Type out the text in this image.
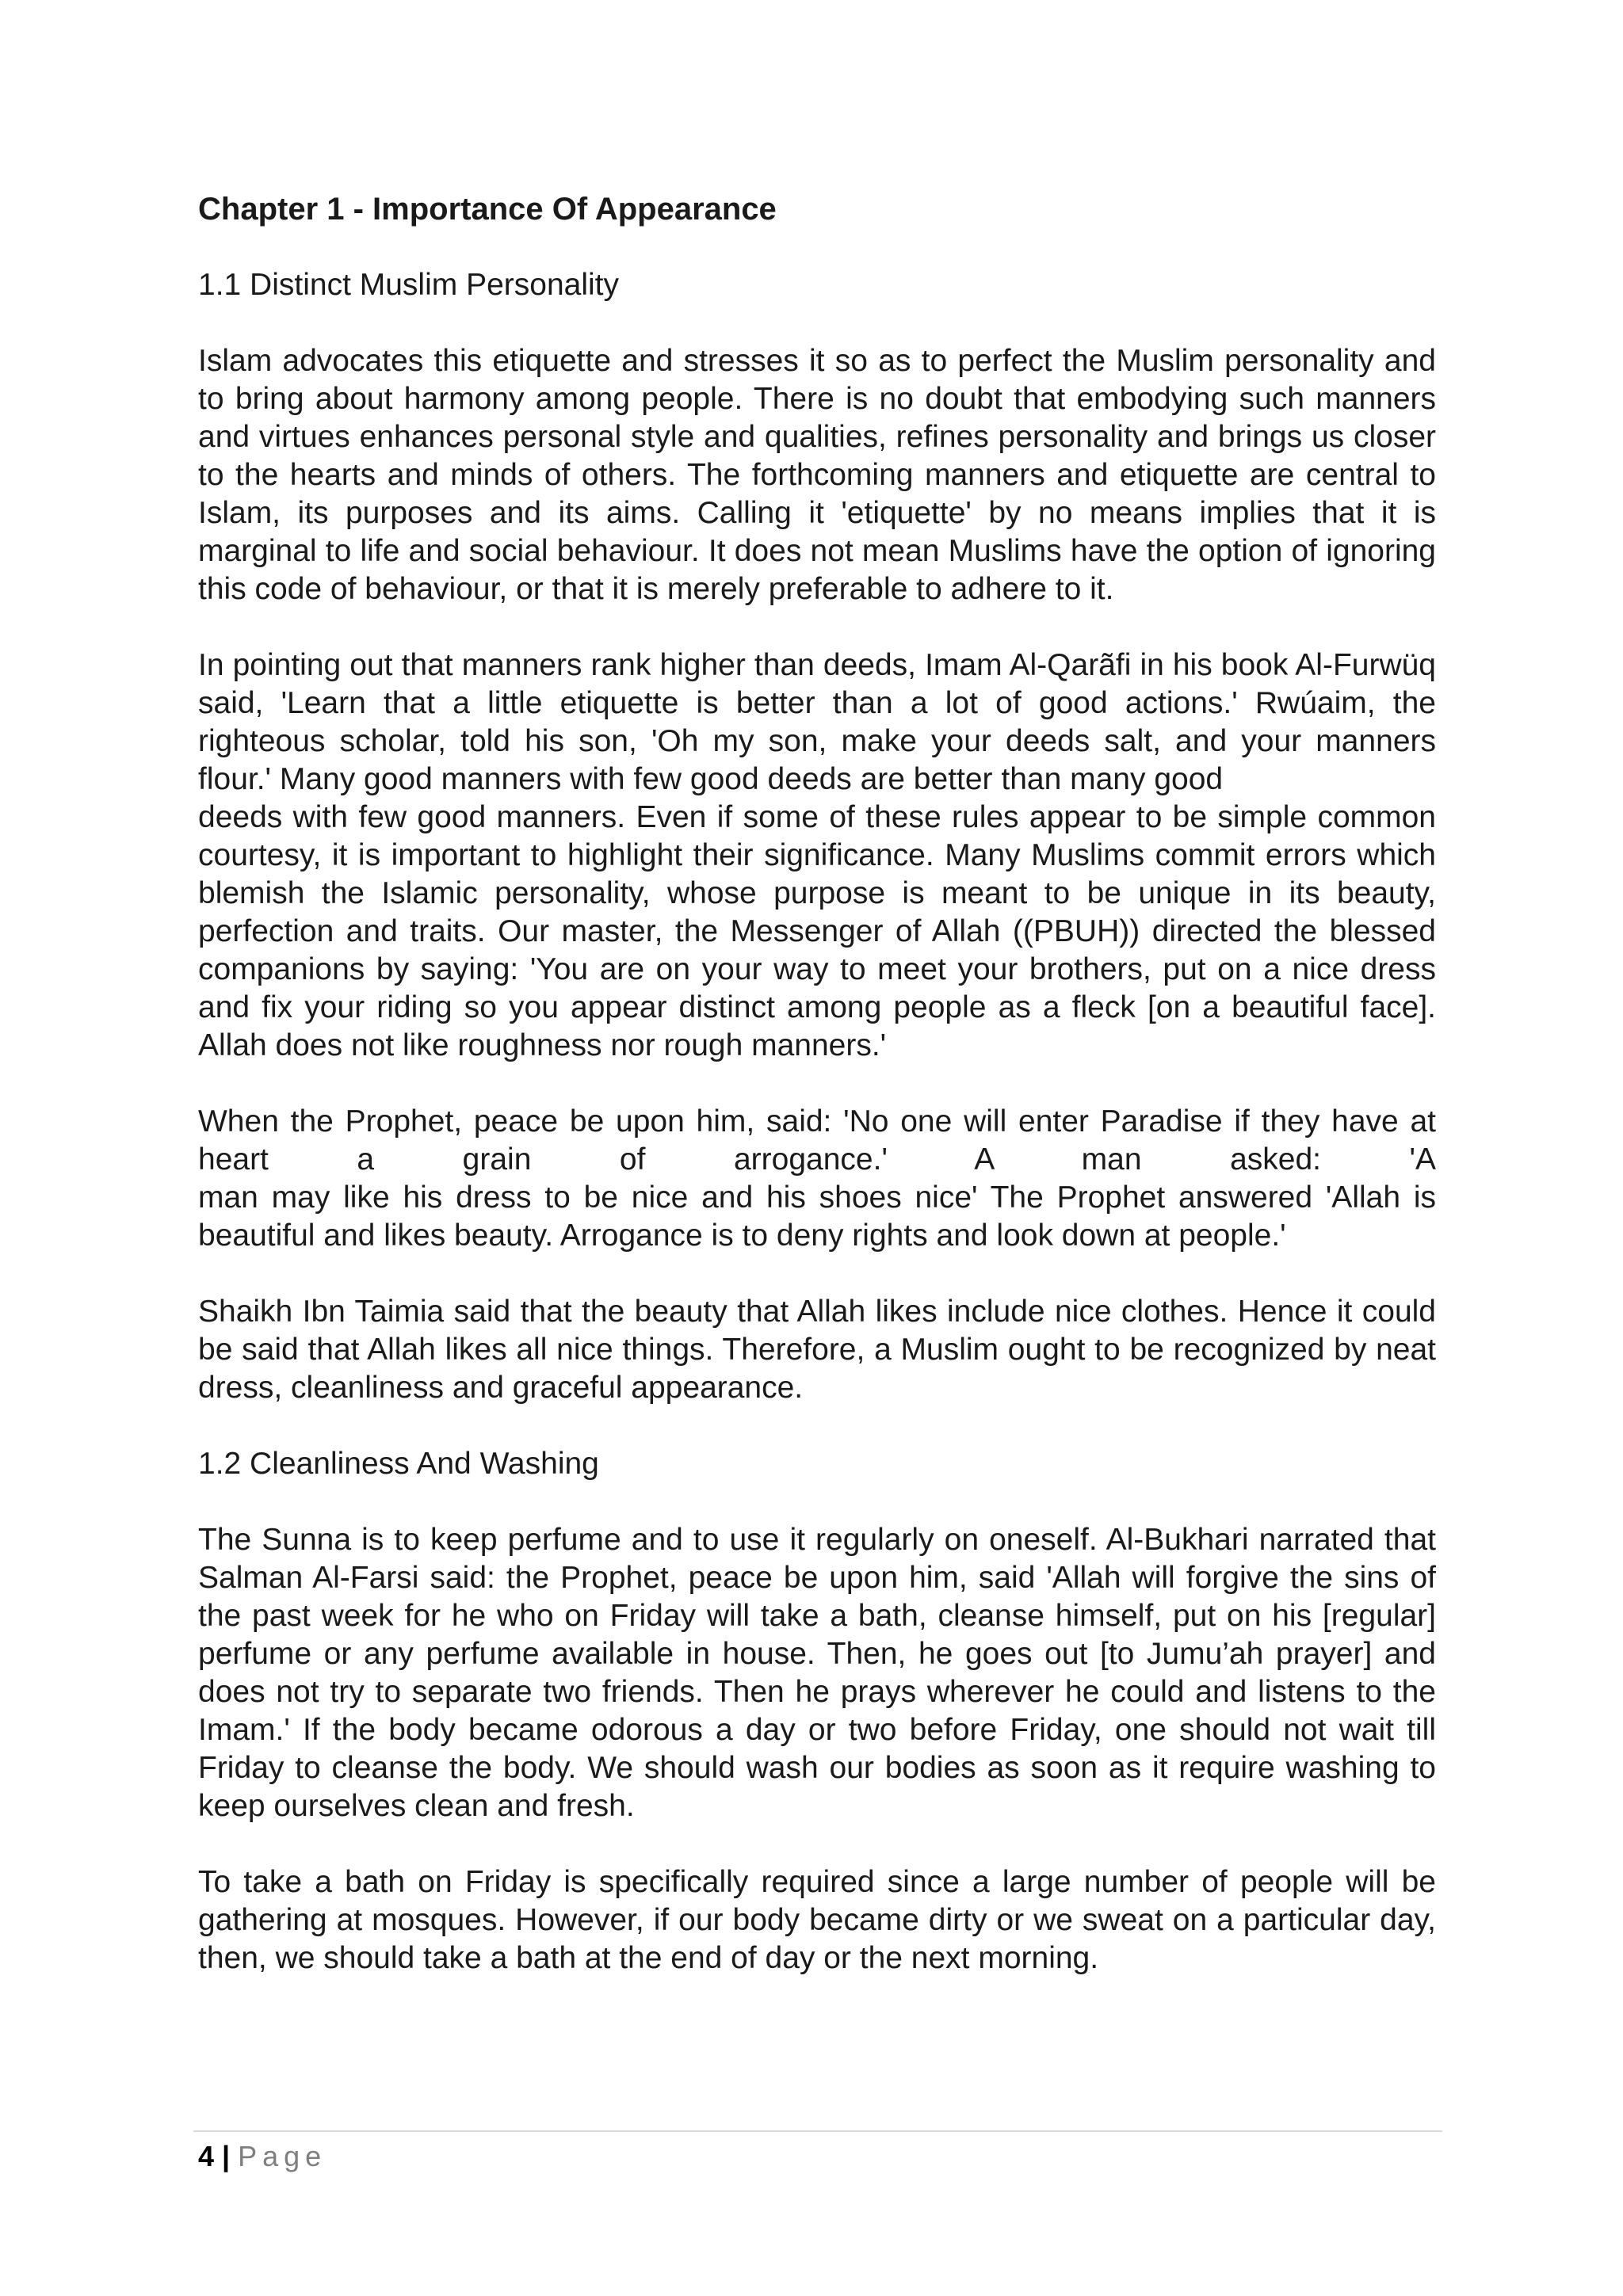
Chapter 1 - Importance Of Appearance
1.1 Distinct Muslim Personality
Islam advocates this etiquette and stresses it so as to perfect the Muslim personality and to bring about harmony among people. There is no doubt that embodying such manners and virtues enhances personal style and qualities, refines personality and brings us closer to the hearts and minds of others. The forthcoming manners and etiquette are central to Islam, its purposes and its aims. Calling it 'etiquette' by no means implies that it is marginal to life and social behaviour. It does not mean Muslims have the option of ignoring this code of behaviour, or that it is merely preferable to adhere to it.
In pointing out that manners rank higher than deeds, Imam Al-Qarãfi in his book Al-Furwüq said, 'Learn that a little etiquette is better than a lot of good actions.' Rwúaim, the righteous scholar, told his son, 'Oh my son, make your deeds salt, and your manners flour.' Many good manners with few good deeds are better than many good
deeds with few good manners. Even if some of these rules appear to be simple common courtesy, it is important to highlight their significance. Many Muslims commit errors which blemish the Islamic personality, whose purpose is meant to be unique in its beauty, perfection and traits. Our master, the Messenger of Allah ((PBUH)) directed the blessed companions by saying: 'You are on your way to meet your brothers, put on a nice dress and fix your riding so you appear distinct among people as a fleck [on a beautiful face]. Allah does not like roughness nor rough manners.'
When the Prophet, peace be upon him, said: 'No one will enter Paradise if they have at heart a grain of arrogance.' A man asked: 'A
man may like his dress to be nice and his shoes nice' The Prophet answered 'Allah is beautiful and likes beauty. Arrogance is to deny rights and look down at people.'
Shaikh Ibn Taimia said that the beauty that Allah likes include nice clothes. Hence it could be said that Allah likes all nice things. Therefore, a Muslim ought to be recognized by neat dress, cleanliness and graceful appearance.
1.2 Cleanliness And Washing
The Sunna is to keep perfume and to use it regularly on oneself. Al-Bukhari narrated that Salman Al-Farsi said: the Prophet, peace be upon him, said 'Allah will forgive the sins of the past week for he who on Friday will take a bath, cleanse himself, put on his [regular] perfume or any perfume available in house. Then, he goes out [to Jumu’ah prayer] and does not try to separate two friends. Then he prays wherever he could and listens to the Imam.' If the body became odorous a day or two before Friday, one should not wait till Friday to cleanse the body. We should wash our bodies as soon as it require washing to keep ourselves clean and fresh.
To take a bath on Friday is specifically required since a large number of people will be gathering at mosques. However, if our body became dirty or we sweat on a particular day, then, we should take a bath at the end of day or the next morning.
4 | Page
